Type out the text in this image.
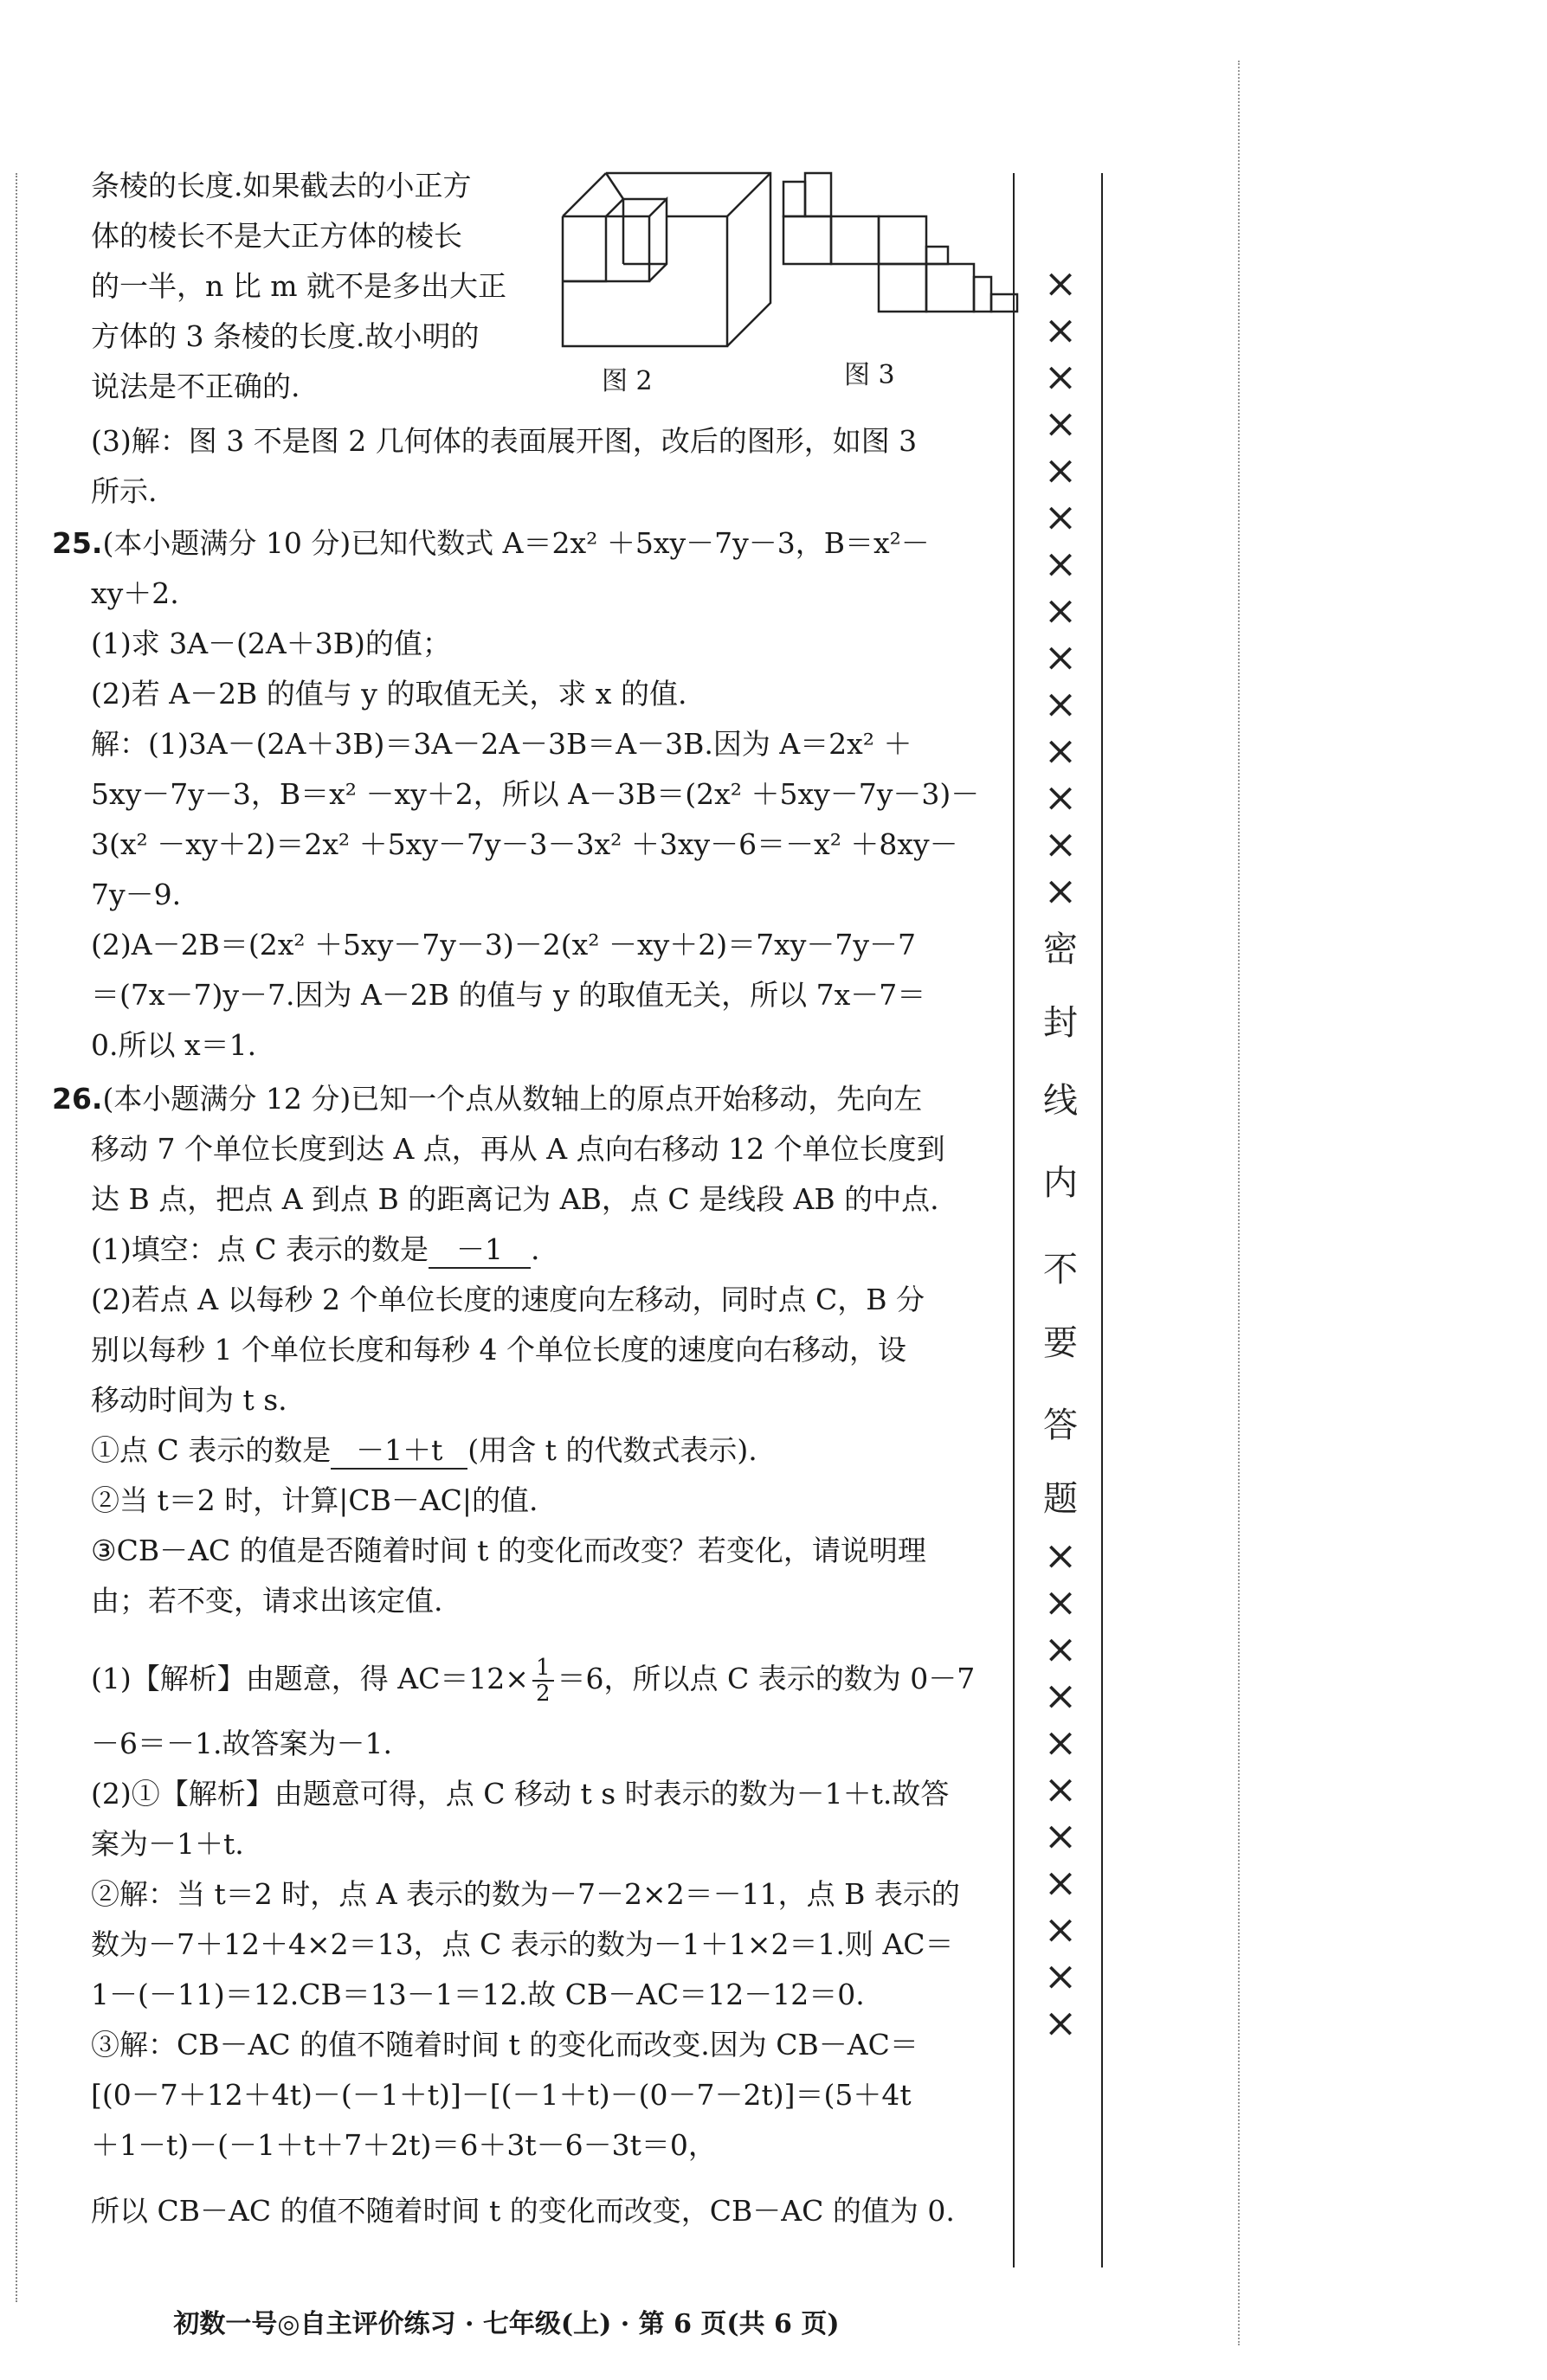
条棱的长度.如果截去的小正方
体的棱长不是大正方体的棱长
的一半，n 比 m 就不是多出大正
方体的 3 条棱的长度.故小明的
说法是不正确的.	图 2	图 3
(3)解：图 3 不是图 2 几何体的表面展开图，改后的图形，如图 3
所示.
25.(本小题满分 10 分)已知代数式 A＝2x² ＋5xy－7y－3，B＝x²－
xy＋2.
(1)求 3A－(2A＋3B)的值；
(2)若 A－2B 的值与 y 的取值无关，求 x 的值.
解：(1)3A－(2A＋3B)＝3A－2A－3B＝A－3B.因为 A＝2x² ＋
5xy－7y－3，B＝x² －xy＋2，所以 A－3B＝(2x² ＋5xy－7y－3)－
3(x² －xy＋2)＝2x² ＋5xy－7y－3－3x² ＋3xy－6＝－x² ＋8xy－
7y－9.
(2)A－2B＝(2x² ＋5xy－7y－3)－2(x² －xy＋2)＝7xy－7y－7
＝(7x－7)y－7.因为 A－2B 的值与 y 的取值无关，所以 7x－7＝
0.所以 x＝1.
26.(本小题满分 12 分)已知一个点从数轴上的原点开始移动，先向左
移动 7 个单位长度到达 A 点，再从 A 点向右移动 12 个单位长度到
达 B 点，把点 A 到点 B 的距离记为 AB，点 C 是线段 AB 的中点.
(1)填空：点 C 表示的数是 －1 .
(2)若点 A 以每秒 2 个单位长度的速度向左移动，同时点 C，B 分
别以每秒 1 个单位长度和每秒 4 个单位长度的速度向右移动，设
移动时间为 t s.
①点 C 表示的数是 －1＋t (用含 t 的代数式表示).
②当 t＝2 时，计算|CB－AC|的值.
③CB－AC 的值是否随着时间 t 的变化而改变？若变化，请说明理
由；若不变，请求出该定值.
(1)【解析】由题意，得 $AC=12\times \frac{1}{2} =6$，所以点 C 表示的数为 0－7
－6＝－1.故答案为－1.
(2)①【解析】由题意可得，点 C 移动 t s 时表示的数为－1＋t.故答
案为－1＋t.
②解：当 t＝2 时，点 A 表示的数为－7－2×2＝－11，点 B 表示的
数为－7＋12＋4×2＝13，点 C 表示的数为－1＋1×2＝1.则 AC＝
1－(－11)＝12.CB＝13－1＝12.故 CB－AC＝12－12＝0.
③解：CB－AC 的值不随着时间 t 的变化而改变.因为 CB－AC＝
[(0－7＋12＋4t)－(－1＋t)]－[(－1＋t)－(0－7－2t)]＝(5＋4t
＋1－t)－(－1＋t＋7＋2t)＝6＋3t－6－3t＝0，
所以 CB－AC 的值不随着时间 t 的变化而改变，CB－AC 的值为 0.
××××××××××××××
密
封
线
内
不
要
答
题
×××××××××××
初数一号◎自主评价练习 · 七年级(上) · 第 6 页(共 6 页)
